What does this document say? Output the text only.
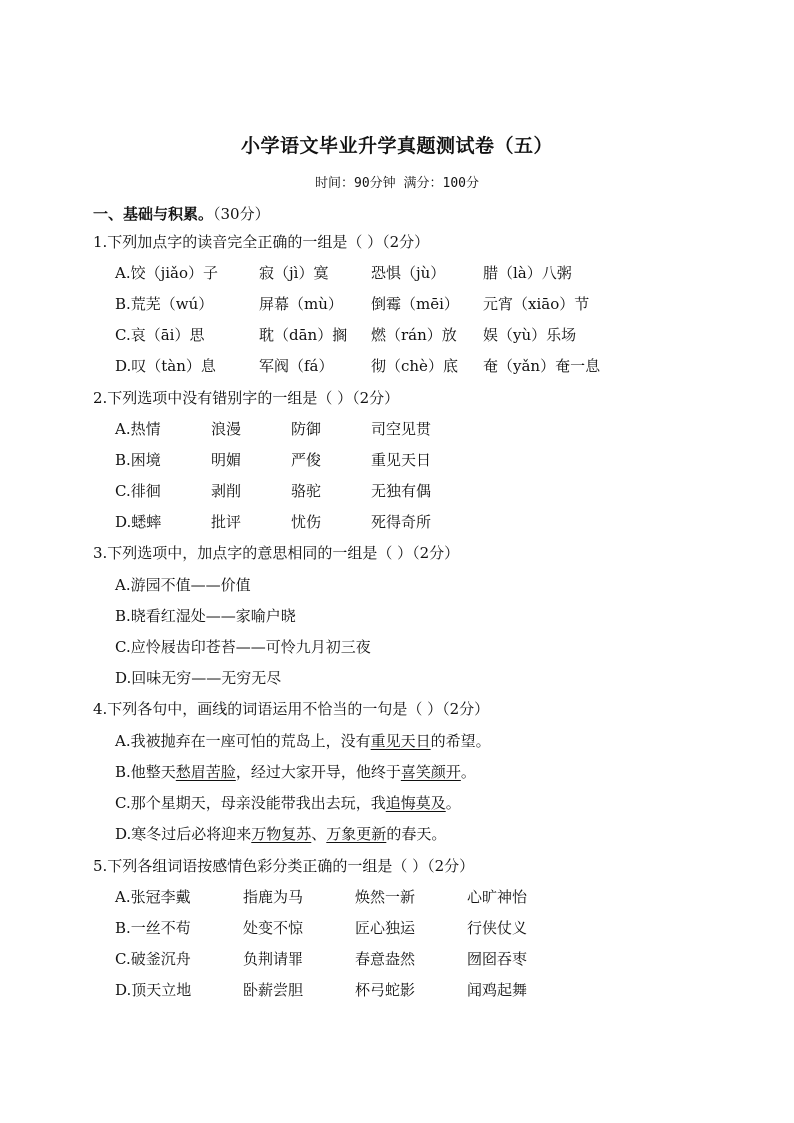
小学语文毕业升学真题测试卷（五）
时间：90分钟 满分：100分
一、基础与积累。（30分）
1.下列加点字的读音完全正确的一组是（ ）（2分）
A.饺（jiǎo）子	寂（jì）寞	恐惧（jù）	腊（là）八粥
B.荒芜（wú）	屏幕（mù） 倒霉（mēi） 元宵（xiāo）节
C.哀（āi）思	耽（dān）搁 燃（rán）放 娱（yù）乐场
D.叹（tàn）息	军阀（fá）	彻（chè）底 奄（yǎn）奄一息
2.下列选项中没有错别字的一组是（ ）（2分）
A.热情	浪漫	防御	司空见贯
B.困境	明媚	严俊	重见天日
C.徘徊	剥削	骆驼	无独有偶
D.蟋蟀	批评	忧伤	死得奇所
3.下列选项中，加点字的意思相同的一组是（ ）（2分）
A.游园不值——价值
B.晓看红湿处——家喻户晓
C.应怜屐齿印苍苔——可怜九月初三夜
D.回味无穷——无穷无尽
4.下列各句中，画线的词语运用不恰当的一句是（ ）（2分）
A.我被抛弃在一座可怕的荒岛上，没有重见天日的希望。
B.他整天愁眉苦脸，经过大家开导，他终于喜笑颜开。
C.那个星期天，母亲没能带我出去玩，我追悔莫及。
D.寒冬过后必将迎来万物复苏、万象更新的春天。
5.下列各组词语按感情色彩分类正确的一组是（ ）（2分）
A.张冠李戴	指鹿为马	焕然一新	心旷神怡
B.一丝不苟	处变不惊	匠心独运	行侠仗义
C.破釜沉舟	负荆请罪	春意盎然	囫囵吞枣
D.顶天立地	卧薪尝胆	杯弓蛇影	闻鸡起舞
